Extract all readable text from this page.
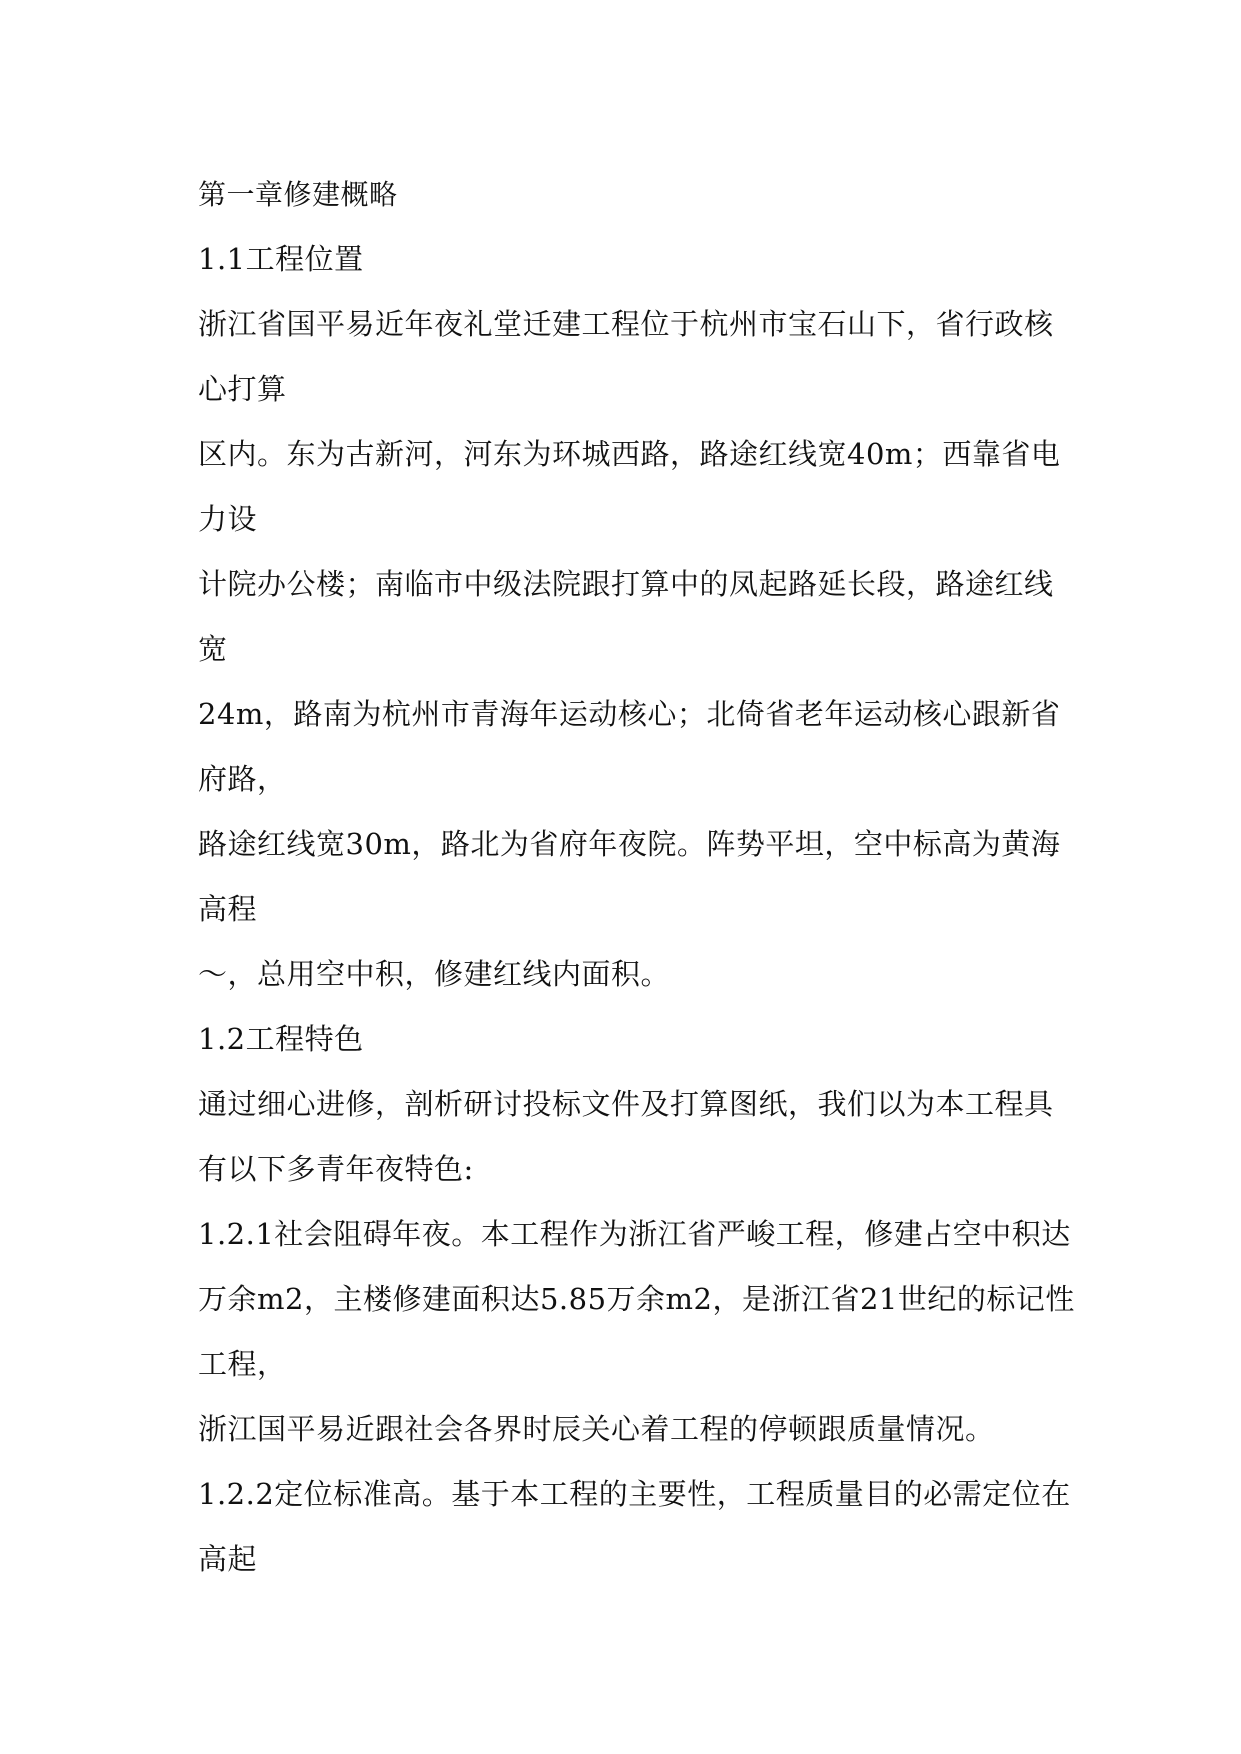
第一章修建概略
1.1工程位置
浙江省国平易近年夜礼堂迁建工程位于杭州市宝石山下，省行政核
心打算
区内。东为古新河，河东为环城西路，路途红线宽40m；西靠省电
力设
计院办公楼；南临市中级法院跟打算中的凤起路延长段，路途红线
宽
24m，路南为杭州市青海年运动核心；北倚省老年运动核心跟新省
府路，
路途红线宽30m，路北为省府年夜院。阵势平坦，空中标高为黄海
高程
～，总用空中积，修建红线内面积。
1.2工程特色
通过细心进修，剖析研讨投标文件及打算图纸，我们以为本工程具
有以下多青年夜特色:
1.2.1社会阻碍年夜。本工程作为浙江省严峻工程，修建占空中积达
万余m2，主楼修建面积达5.85万余m2，是浙江省21世纪的标记性
工程，
浙江国平易近跟社会各界时辰关心着工程的停顿跟质量情况。
1.2.2定位标准高。基于本工程的主要性，工程质量目的必需定位在
高起
